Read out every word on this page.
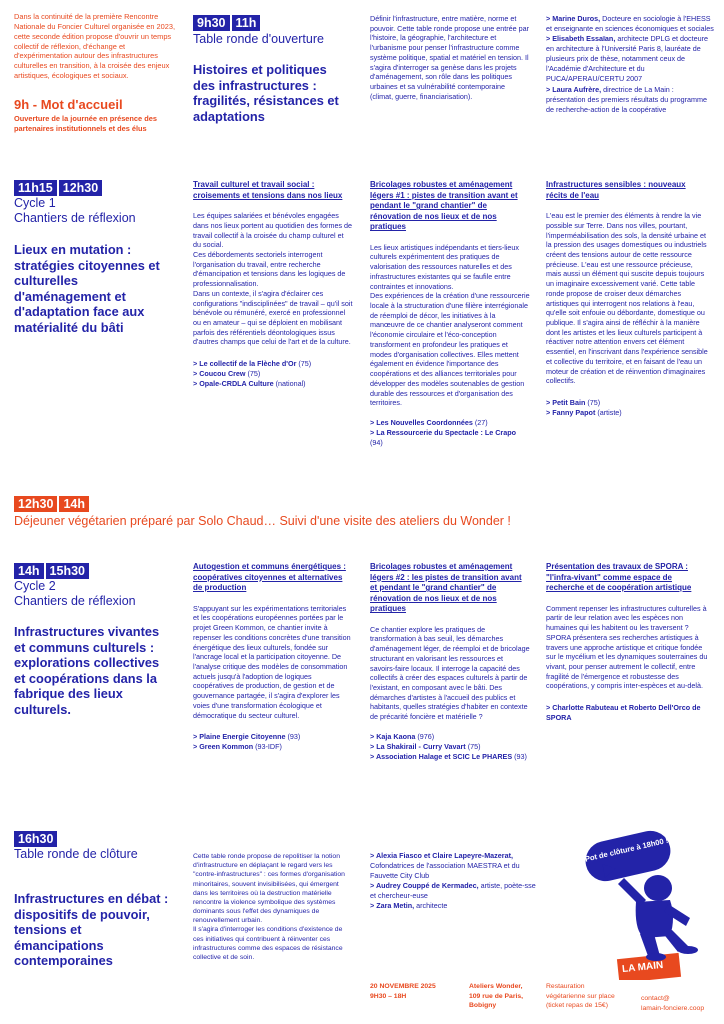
Dans la continuité de la première Rencontre Nationale du Foncier Culturel organisée en 2023, cette seconde édition propose d'ouvrir un temps collectif de réflexion, d'échange et d'expérimentation autour des infrastructures culturelles en transition, à la croisée des enjeux artistiques, écologiques et sociaux.
9h - Mot d'accueil
Ouverture de la journée en présence des partenaires institutionnels et des élus
9h30 11h
Table ronde d'ouverture
Histoires et politiques des infrastructures : fragilités, résistances et adaptations
Définir l'infrastructure, entre matière, norme et pouvoir. Cette table ronde propose une entrée par l'histoire, la géographie, l'architecture et l'urbanisme pour penser l'infrastructure comme système politique, spatial et matériel en tension. Il s'agira d'interroger sa genèse dans les projets d'aménagement, son rôle dans les politiques urbaines et sa vulnérabilité contemporaine (climat, guerre, financiarisation).
> Marine Duros, Docteure en sociologie à l'EHESS et enseignante en sciences économiques et sociales
> Elisabeth Essaïan, architecte DPLG et docteure en architecture à l'Université Paris 8, lauréate de plusieurs prix de thèse, notamment ceux de l'Académie d'Architecture et du PUCA/APERAU/CERTU 2007
> Laura Aufrère, directrice de La Main : présentation des premiers résultats du programme de recherche-action de la coopérative
11h15 12h30
Cycle 1
Chantiers de réflexion
Lieux en mutation : stratégies citoyennes et culturelles d'aménagement et d'adaptation face aux matérialité du bâti
Travail culturel et travail social : croisements et tensions dans nos lieux

Les équipes salariées et bénévoles engagées dans nos lieux portent au quotidien des formes de travail collectif à la croisée du champ culturel et du social.

Ces débordements sectoriels interrogent l'organisation du travail, entre recherche d'émancipation et tensions dans les logiques de professionnalisation.

Dans un contexte, il s'agira d'éclairer ces configurations "indisciplinées" de travail – qu'il soit bénévole ou rémunéré, exercé en professionnel ou en amateur – qui se déploient en mobilisant parfois des référentiels déontologiques issus d'autres champs que celui de l'art et de la culture.

> Le collectif de la Flèche d'Or (75)
> Coucou Crew (75)
> Opale-CRDLA Culture (national)
Bricolages robustes et aménagement légers #1 : pistes de transition avant et pendant le "grand chantier" de rénovation de nos lieux et de nos pratiques

Les lieux artistiques indépendants et tiers-lieux culturels expérimentent des pratiques de valorisation des ressources naturelles et des infrastructures existantes qui se faufile entre contraintes et innovations.

Des expériences de la création d'une ressourcerie locale à la structuration d'une filière interrégionale de réemploi de décor, les initiatives à la manœuvre de ce chantier analyseront comment l'économie circulaire et l'éco-conception transforment en profondeur les pratiques et modes d'organisation collectives. Elles mettent également en évidence l'importance des coopérations et des alliances territoriales pour développer des modèles soutenables de gestion durable des ressources et d'organisation des territoires.

> Les Nouvelles Coordonnées (27)
> La Ressourcerie du Spectacle : Le Crapo (94)
Infrastructures sensibles : nouveaux récits de l'eau

L'eau est le premier des éléments à rendre la vie possible sur Terre. Dans nos villes, pourtant, l'imperméabilisation des sols, la densité urbaine et la pression des usages domestiques ou industriels créent des tensions autour de cette ressource précieuse. L'eau est une ressource précieuse, mais aussi un élément qui suscite depuis toujours un imaginaire excessivement varié. Cette table ronde propose de croiser deux démarches artistiques qui interrogent nos relations à l'eau, qu'elle soit enfouie ou débordante, domestique ou publique. Il s'agira ainsi de réfléchir à la manière dont les artistes et les lieux culturels participent à réactiver notre attention envers cet élément essentiel, en l'inscrivant dans l'expérience sensible et collective du territoire, et en faisant de l'eau un moteur de création et de réinvention d'imaginaires collectifs.

> Petit Bain (75)
> Fanny Papot (artiste)
12h30 14h
Déjeuner végétarien préparé par Solo Chaud… Suivi d'une visite des ateliers du Wonder !
14h 15h30
Cycle 2
Chantiers de réflexion
Infrastructures vivantes et communs culturels : explorations collectives et coopérations dans la fabrique des lieux culturels.
Autogestion et communs énergétiques : coopératives citoyennes et alternatives de production

S'appuyant sur les expérimentations territoriales et les coopérations européennes portées par le projet Green Kommon, ce chantier invite à repenser les conditions concrètes d'une transition énergétique des lieux culturels, fondée sur l'ancrage local et la participation citoyenne. De l'analyse critique des modèles de consommation actuels jusqu'à l'adoption de logiques coopératives de production, de gestion et de gouvernance partagée, il s'agira d'explorer les voies d'une transformation écologique et démocratique du secteur culturel.

> Plaine Energie Citoyenne (93)
> Green Kommon (93-IDF)
Bricolages robustes et aménagement légers #2 : les pistes de transition avant et pendant le "grand chantier" de rénovation de nos lieux et de nos pratiques

Ce chantier explore les pratiques de transformation à bas seuil, les démarches d'aménagement léger, de réemploi et de bricolage structurant en valorisant les ressources et savoirs-faire locaux. Il interroge la capacité des collectifs à créer des espaces culturels à partir de l'existant, en composant avec le bâti. Des démarches d'artistes à l'accueil des publics et habitants, quelles stratégies d'habiter en contexte de précarité foncière et matérielle ?

> Kaja Kaona (976)
> La Shakirail - Curry Vavart (75)
> Association Halage et SCIC Le PHARES (93)
Présentation des travaux de SPORA : "l'infra-vivant" comme espace de recherche et de coopération artistique

Comment repenser les infrastructures culturelles à partir de leur relation avec les espèces non humaines qui les habitent ou les traversent ? SPORA présentera ses recherches artistiques à travers une approche artistique et critique fondée sur le mycélium et les dynamiques souterraines du vivant, pour penser autrement le collectif, entre fragilité de l'émergence et robustesse des coopérations, y compris inter-espèces et au-delà.

> Charlotte Rabuteau et Roberto Dell'Orco de SPORA
16h30
Table ronde de clôture
Infrastructures en débat : dispositifs de pouvoir, tensions et émancipations contemporaines

Cette table ronde propose de repolitiser la notion d'infrastructure en déplaçant le regard vers les "contre-infrastructures" : ces formes d'organisation minoritaires, souvent invisibilisées, qui émergent dans les territoires où la destruction matérielle rencontre la violence symbolique des systèmes dominants sous l'effet des dynamiques de renouvellement urbain.

Il s'agira d'interroger les conditions d'existence de ces initiatives qui contribuent à réinventer ces infrastructures comme des espaces de résistance collective et de soin.

> Alexia Fiasco et Claire Lapeyre-Mazerat, Cofondatrices de l'association MAESTRA et du Fauvette City Club
> Audrey Couppé de Kermadec, artiste, poète-sse et chercheur-euse
> Zara Metin, architecte
Pot de clôture à 18h00 !
LA MAIN
20 NOVEMBRE 2025
9H30 – 18H
Ateliers Wonder,
109 rue de Paris,
Bobigny
Restauration
végétarienne sur place
(ticket repas de 15€)
contact@
lamain-fonciere.coop
